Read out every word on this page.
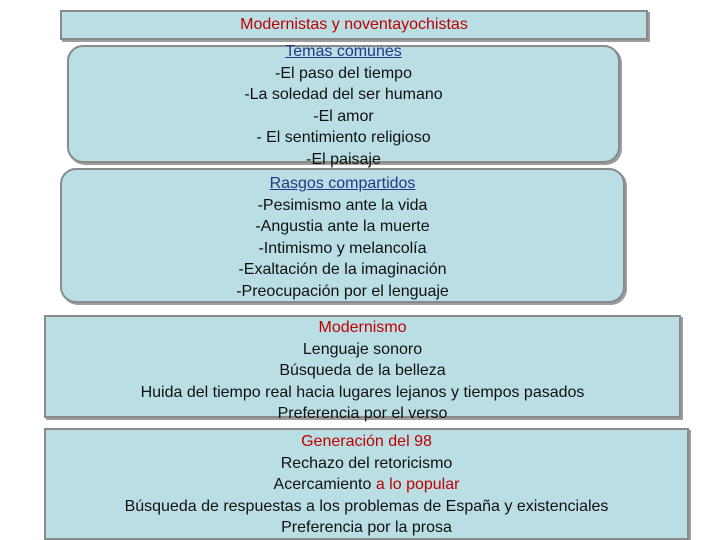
Modernistas y noventayochistas
Temas comunes
-El paso del tiempo
-La soledad del ser humano
-El amor
- El sentimiento religioso
-El paisaje
Rasgos compartidos
-Pesimismo ante la vida
-Angustia ante la muerte
-Intimismo y melancolía
-Exaltación de la imaginación
-Preocupación por el lenguaje
Modernismo
Lenguaje sonoro
Búsqueda de la belleza
Huida del tiempo real hacia lugares lejanos y tiempos pasados
Preferencia por el verso
Generación del 98
Rechazo del retoricismo
Acercamiento a lo popular
Búsqueda de respuestas a los problemas de España y existenciales
Preferencia por la prosa
